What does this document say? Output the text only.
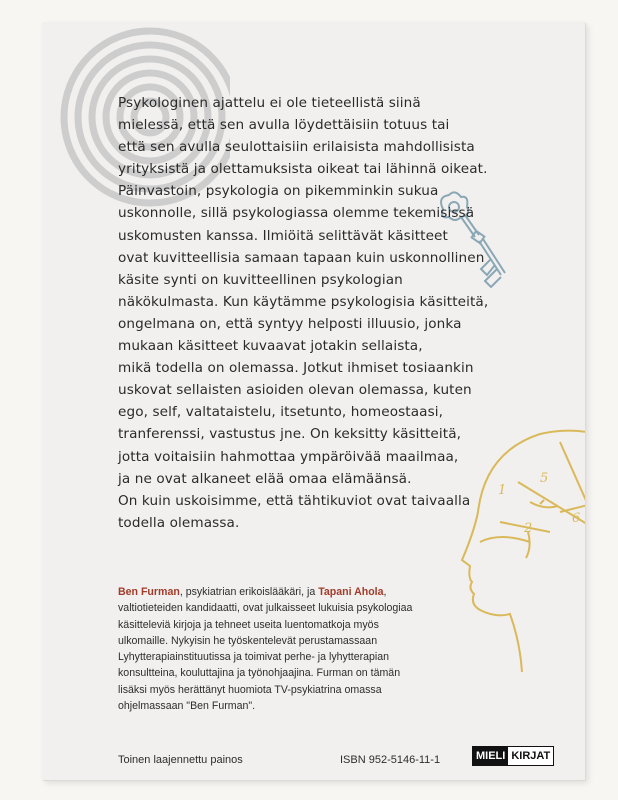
1
4
6
2
5
Psykologinen ajattelu ei ole tieteellistä siinä
mielessä, että sen avulla löydettäisiin totuus tai
että sen avulla seulottaisiin erilaisista mahdollisista
yrityksistä ja olettamuksista oikeat tai lähinnä oikeat.
Päinvastoin, psykologia on pikemminkin sukua
uskonnolle, sillä psykologiassa olemme tekemisissä
uskomusten kanssa. Ilmiöitä selittävät käsitteet
ovat kuvitteellisia samaan tapaan kuin uskonnollinen
käsite synti on kuvitteellinen psykologian
näkökulmasta. Kun käytämme psykologisia käsitteitä,
ongelmana on, että syntyy helposti illuusio, jonka
mukaan käsitteet kuvaavat jotakin sellaista,
mikä todella on olemassa. Jotkut ihmiset tosiaankin
uskovat sellaisten asioiden olevan olemassa, kuten
ego, self, valtataistelu, itsetunto, homeostaasi,
tranferenssi, vastustus jne. On keksitty käsitteitä,
jotta voitaisiin hahmottaa ympäröivää maailmaa,
ja ne ovat alkaneet elää omaa elämäänsä.
On kuin uskoisimme, että tähtikuviot ovat taivaalla
todella olemassa.
Ben Furman, psykiatrian erikoislääkäri, ja Tapani Ahola,
valtiotieteiden kandidaatti, ovat julkaisseet lukuisia psykologiaa
käsitteleviä kirjoja ja tehneet useita luentomatkoja myös
ulkomaille. Nykyisin he työskentelevät perustamassaan
Lyhytterapiainstituutissa ja toimivat perhe- ja lyhytterapian
konsultteina, kouluttajina ja työnohjaajina. Furman on tämän
lisäksi myös herättänyt huomiota TV-psykiatrina omassa
ohjelmassaan "Ben Furman".
Toinen laajennettu painos	ISBN 952-5146-11-1	MIELI KIRJAT
